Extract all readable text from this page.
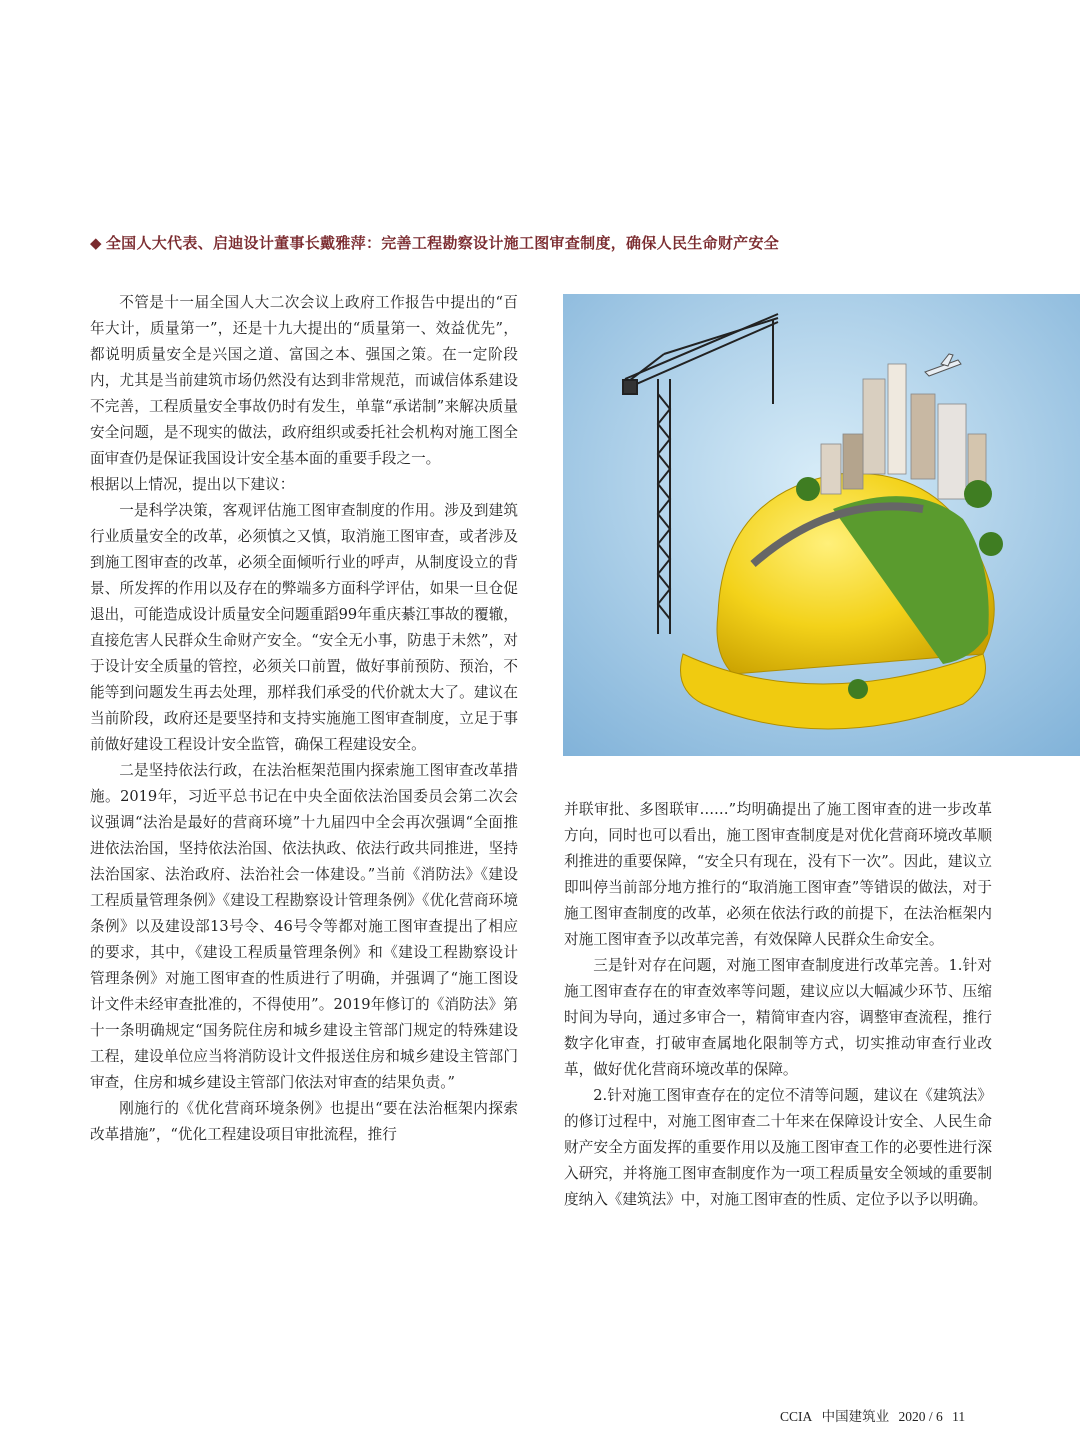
◆ 全国人大代表、启迪设计董事长戴雅萍：完善工程勘察设计施工图审查制度，确保人民生命财产安全

不管是十一届全国人大二次会议上政府工作报告中提出的“百年大计，质量第一”，还是十九大提出的“质量第一、效益优先”，都说明质量安全是兴国之道、富国之本、强国之策。在一定阶段内，尤其是当前建筑市场仍然没有达到非常规范，而诚信体系建设不完善，工程质量安全事故仍时有发生，单靠“承诺制”来解决质量安全问题，是不现实的做法，政府组织或委托社会机构对施工图全面审查仍是保证我国设计安全基本面的重要手段之一。

根据以上情况，提出以下建议：

一是科学决策，客观评估施工图审查制度的作用。涉及到建筑行业质量安全的改革，必须慎之又慎，取消施工图审查，或者涉及到施工图审查的改革，必须全面倾听行业的呼声，从制度设立的背景、所发挥的作用以及存在的弊端多方面科学评估，如果一旦仓促退出，可能造成设计质量安全问题重蹈99年重庆綦江事故的覆辙，直接危害人民群众生命财产安全。“安全无小事，防患于未然”，对于设计安全质量的管控，必须关口前置，做好事前预防、预治，不能等到问题发生再去处理，那样我们承受的代价就太大了。建议在当前阶段，政府还是要坚持和支持实施施工图审查制度，立足于事前做好建设工程设计安全监管，确保工程建设安全。

二是坚持依法行政，在法治框架范围内探索施工图审查改革措施。2019年，习近平总书记在中央全面依法治国委员会第二次会议强调“法治是最好的营商环境”十九届四中全会再次强调“全面推进依法治国，坚持依法治国、依法执政、依法行政共同推进，坚持法治国家、法治政府、法治社会一体建设。”当前《消防法》《建设工程质量管理条例》《建设工程勘察设计管理条例》《优化营商环境条例》以及建设部13号令、46号令等都对施工图审查提出了相应的要求，其中，《建设工程质量管理条例》和《建设工程勘察设计管理条例》对施工图审查的性质进行了明确，并强调了“施工图设计文件未经审查批准的，不得使用”。2019年修订的《消防法》第十一条明确规定“国务院住房和城乡建设主管部门规定的特殊建设工程，建设单位应当将消防设计文件报送住房和城乡建设主管部门审查，住房和城乡建设主管部门依法对审查的结果负责。”

刚施行的《优化营商环境条例》也提出“要在法治框架内探索改革措施”，“优化工程建设项目审批流程，推行

并联审批、多图联审……”均明确提出了施工图审查的进一步改革方向，同时也可以看出，施工图审查制度是对优化营商环境改革顺利推进的重要保障，“安全只有现在，没有下一次”。因此，建议立即叫停当前部分地方推行的“取消施工图审查”等错误的做法，对于施工图审查制度的改革，必须在依法行政的前提下，在法治框架内对施工图审查予以改革完善，有效保障人民群众生命安全。

三是针对存在问题，对施工图审查制度进行改革完善。1.针对施工图审查存在的审查效率等问题，建议应以大幅减少环节、压缩时间为导向，通过多审合一，精简审查内容，调整审查流程，推行数字化审查，打破审查属地化限制等方式，切实推动审查行业改革，做好优化营商环境改革的保障。

2.针对施工图审查存在的定位不清等问题，建议在《建筑法》的修订过程中，对施工图审查二十年来在保障设计安全、人民生命财产安全方面发挥的重要作用以及施工图审查工作的必要性进行深入研究，并将施工图审查制度作为一项工程质量安全领域的重要制度纳入《建筑法》中，对施工图审查的性质、定位予以予以明确。

CCIA 中国建筑业 2020 / 6 11
